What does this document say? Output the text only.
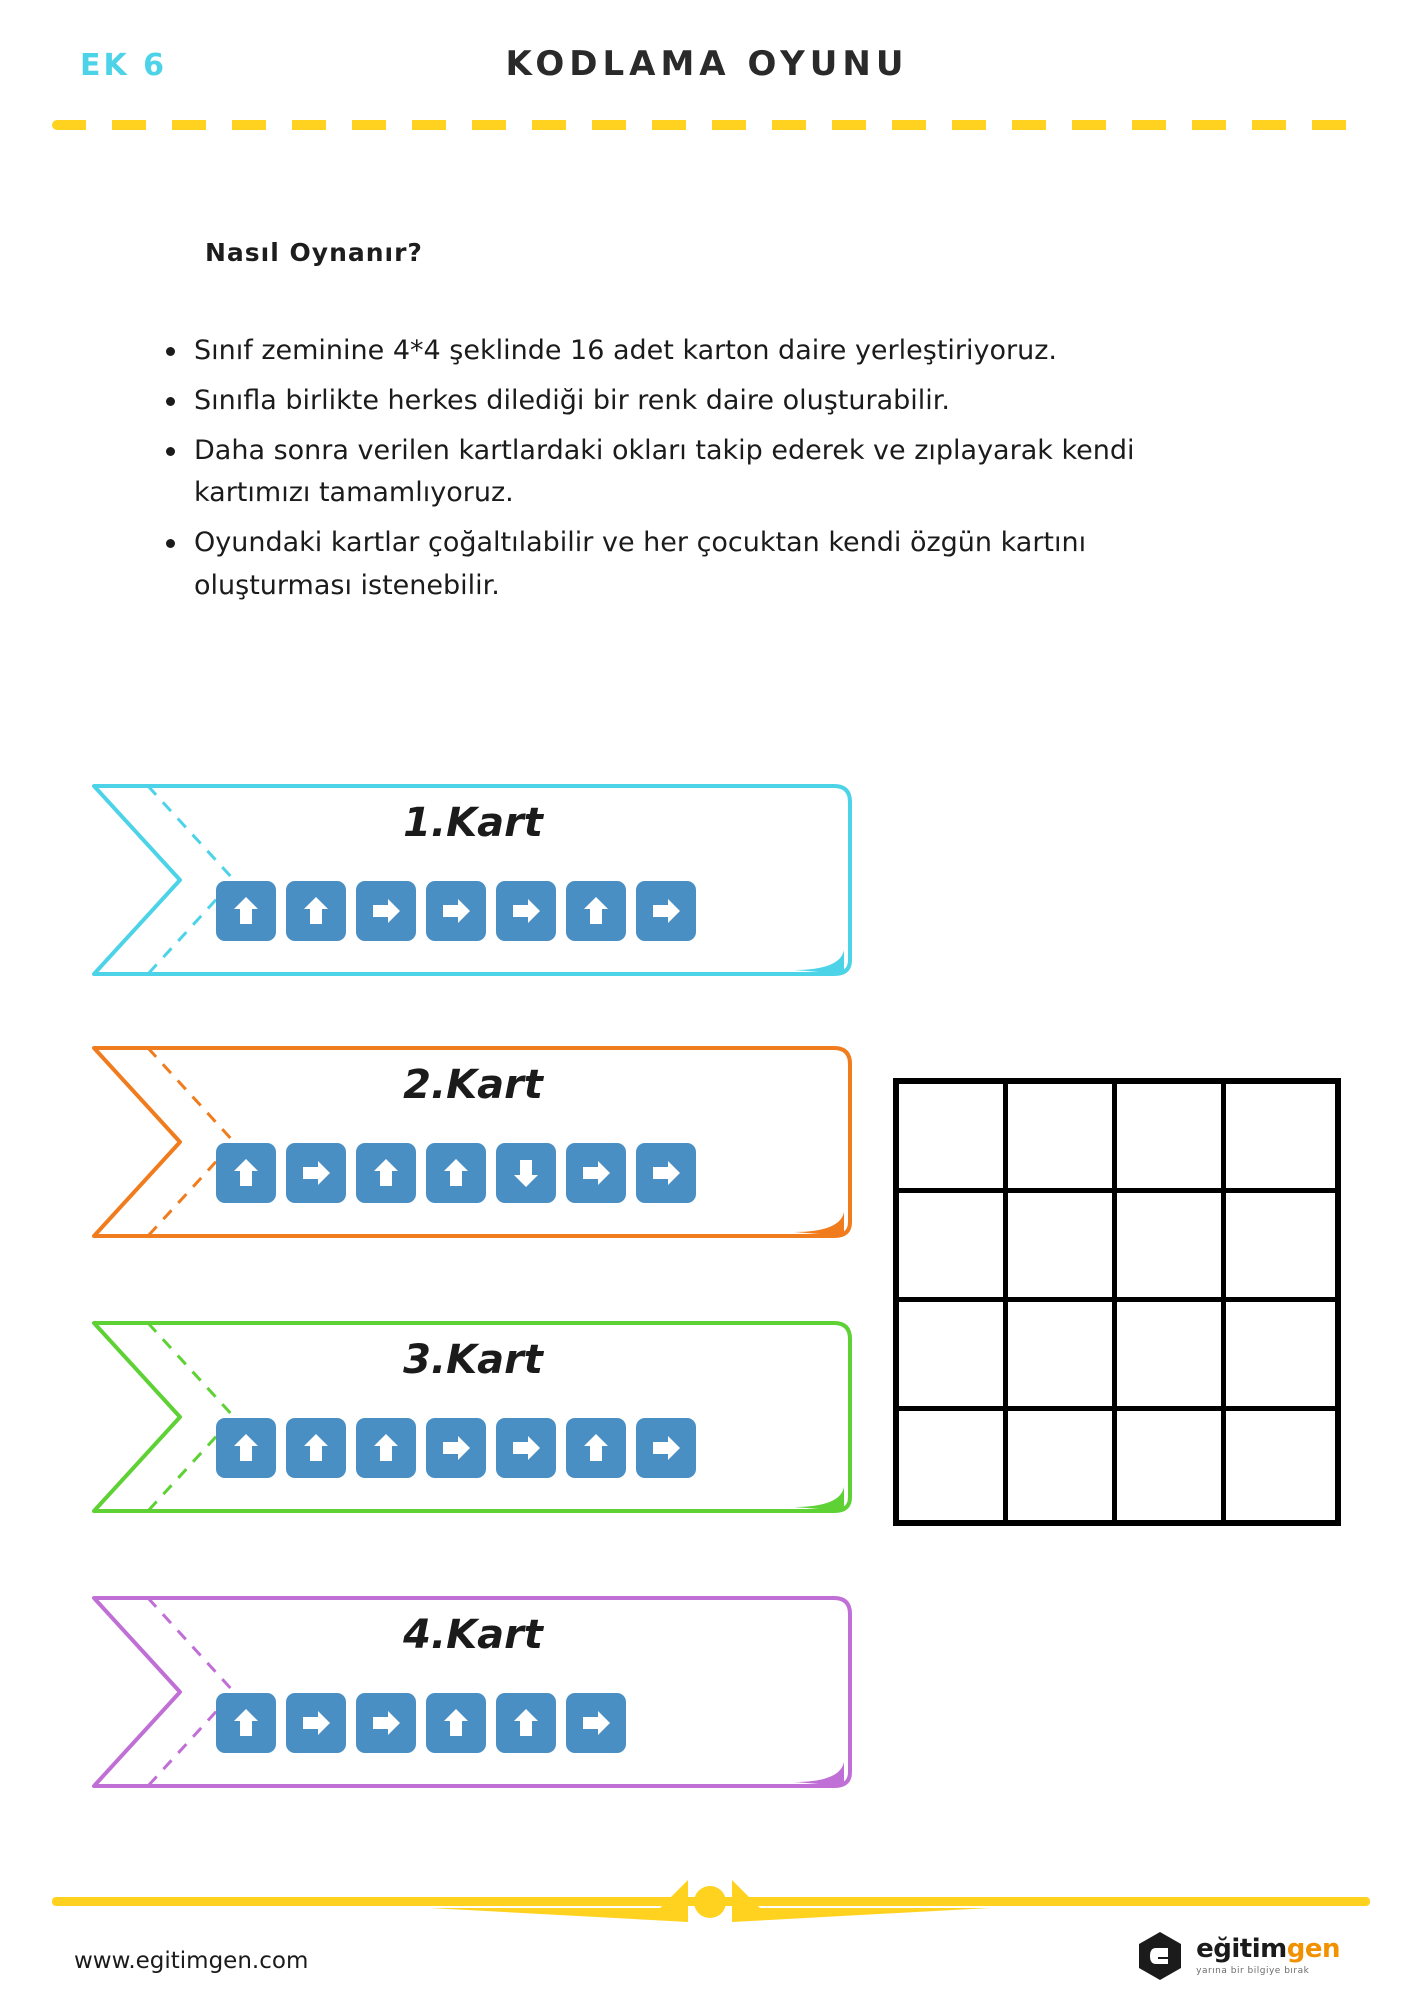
EK 6	KODLAMA OYUNU
Nasıl Oynanır?
Sınıf zeminine 4*4 şeklinde 16 adet karton daire yerleştiriyoruz.
Sınıfla birlikte herkes dilediği bir renk daire oluşturabilir.
Daha sonra verilen kartlardaki okları takip ederek ve zıplayarak kendi kartımızı tamamlıyoruz.
Oyundaki kartlar çoğaltılabilir ve her çocuktan kendi özgün kartını oluşturması istenebilir.
1.Kart
2.Kart
3.Kart
4.Kart
www.egitimgen.com	eğitimgen
yarına bir bilgiye bırak
